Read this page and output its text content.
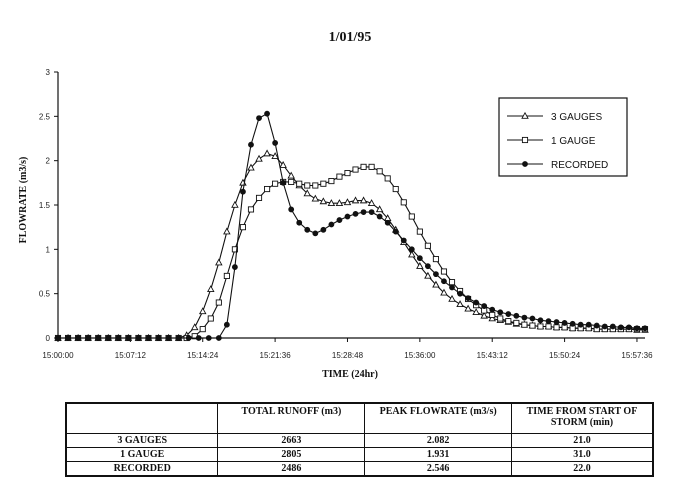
1/01/95
0
0.5
1
1.5
2
2.5
3
15:00:00	15:07:12	15:14:24	15:21:36	15:28:48	15:36:00	15:43:12	15:50:24	15:57:36
FLOWRATE (m3/s)
TIME (24hr)
3 GAUGES
1 GAUGE
RECORDED
	TOTAL RUNOFF (m3)	PEAK FLOWRATE (m3/s)	TIME FROM START OF STORM (min)
3 GAUGES	2663	2.082	21.0
1 GAUGE	2805	1.931	31.0
RECORDED	2486	2.546	22.0
